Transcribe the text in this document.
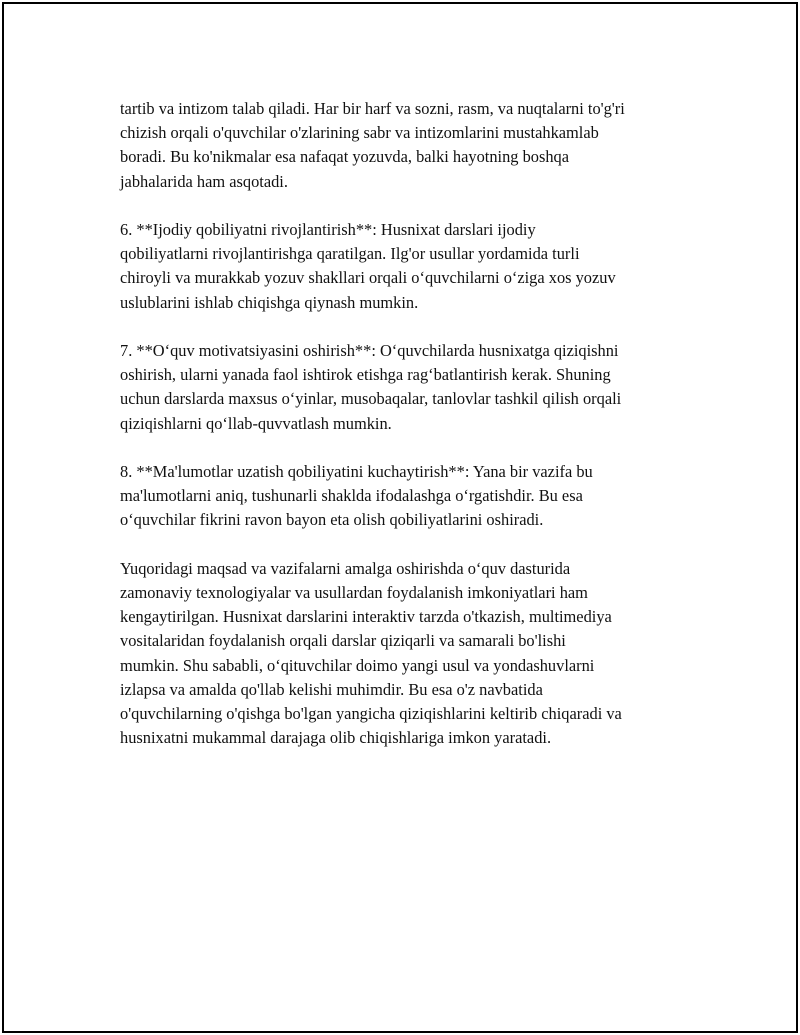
tartib va intizom talab qiladi. Har bir harf va sozni, rasm, va nuqtalarni to'g'ri
chizish orqali o'quvchilar o'zlarining sabr va intizomlarini mustahkamlab
boradi. Bu ko'nikmalar esa nafaqat yozuvda, balki hayotning boshqa
jabhalarida ham asqotadi.

6. **Ijodiy qobiliyatni rivojlantirish**: Husnixat darslari ijodiy
qobiliyatlarni rivojlantirishga qaratilgan. Ilg'or usullar yordamida turli
chiroyli va murakkab yozuv shakllari orqali o‘quvchilarni o‘ziga xos yozuv
uslublarini ishlab chiqishga qiynash mumkin.

7. **O‘quv motivatsiyasini oshirish**: O‘quvchilarda husnixatga qiziqishni
oshirish, ularni yanada faol ishtirok etishga rag‘batlantirish kerak. Shuning
uchun darslarda maxsus o‘yinlar, musobaqalar, tanlovlar tashkil qilish orqali
qiziqishlarni qo‘llab-quvvatlash mumkin.

8. **Ma'lumotlar uzatish qobiliyatini kuchaytirish**: Yana bir vazifa bu
ma'lumotlarni aniq, tushunarli shaklda ifodalashga o‘rgatishdir. Bu esa
o‘quvchilar fikrini ravon bayon eta olish qobiliyatlarini oshiradi.

Yuqoridagi maqsad va vazifalarni amalga oshirishda o‘quv dasturida
zamonaviy texnologiyalar va usullardan foydalanish imkoniyatlari ham
kengaytirilgan. Husnixat darslarini interaktiv tarzda o'tkazish, multimediya
vositalaridan foydalanish orqali darslar qiziqarli va samarali bo'lishi
mumkin. Shu sababli, o‘qituvchilar doimo yangi usul va yondashuvlarni
izlapsa va amalda qo'llab kelishi muhimdir. Bu esa o'z navbatida
o'quvchilarning o'qishga bo'lgan yangicha qiziqishlarini keltirib chiqaradi va
husnixatni mukammal darajaga olib chiqishlariga imkon yaratadi.
